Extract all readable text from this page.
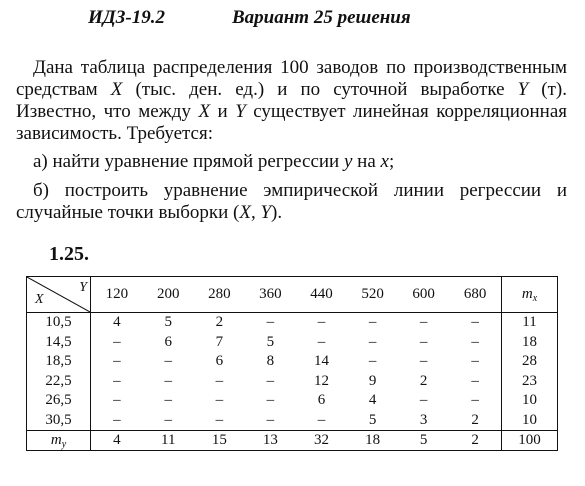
ИДЗ-19.2	Вариант 25 решения
Дана таблица распределения 100 заводов по производственным средствам X (тыс. ден. ед.) и по суточной выработке Y (т). Известно, что между X и Y существует линейная корреляционная зависимость. Требуется:
а) найти уравнение прямой регрессии y на x;
б) построить уравнение эмпирической линии регрессии и случайные точки выборки (X, Y).
1.25.
Y
X	120	200	280	360	440	520	600	680	$m_x$
10,5	4	5	2	–	–	–	–	–	11
14,5	–	6	7	5	–	–	–	–	18
18,5	–	–	6	8	14	–	–	–	28
22,5	–	–	–	–	12	9	2	–	23
26,5	–	–	–	–	6	4	–	–	10
30,5	–	–	–	–	–	5	3	2	10
$m_y$	4	11	15	13	32	18	5	2	100
